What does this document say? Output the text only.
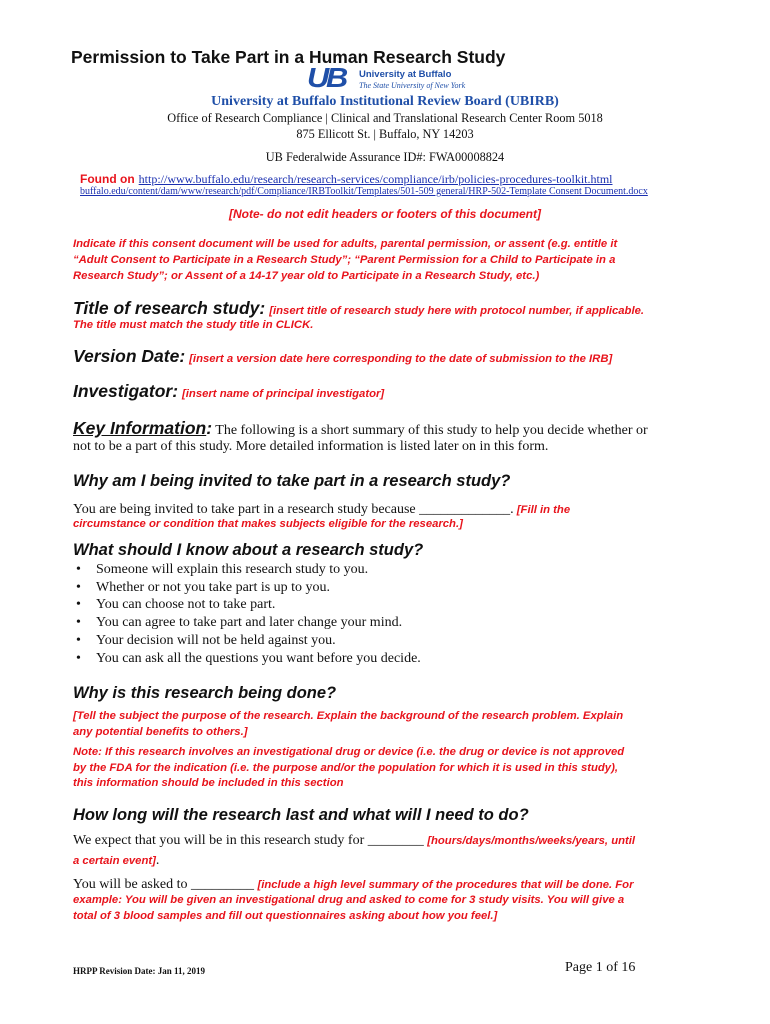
Permission to Take Part in a Human Research Study
UB University at Buffalo
The State University of New York
University at Buffalo Institutional Review Board (UBIRB)
Office of Research Compliance | Clinical and Translational Research Center Room 5018
875 Ellicott St. | Buffalo, NY 14203
UB Federalwide Assurance ID#: FWA00008824
Found on http://www.buffalo.edu/research/research-services/compliance/irb/policies-procedures-toolkit.html
buffalo.edu/content/dam/www/research/pdf/Compliance/IRBToolkit/Templates/501-509 general/HRP-502-Template Consent Document.docx
[Note- do not edit headers or footers of this document]
Indicate if this consent document will be used for adults, parental permission, or assent (e.g. entitle it
“Adult Consent to Participate in a Research Study”; “Parent Permission for a Child to Participate in a
Research Study”; or Assent of a 14-17 year old to Participate in a Research Study, etc.)
Title of research study: [insert title of research study here with protocol number, if applicable.
The title must match the study title in CLICK.
Version Date: [insert a version date here corresponding to the date of submission to the IRB]
Investigator: [insert name of principal investigator]
Key Information: The following is a short summary of this study to help you decide whether or
not to be a part of this study. More detailed information is listed later on in this form.
Why am I being invited to take part in a research study?
You are being invited to take part in a research study because _____________. [Fill in the
circumstance or condition that makes subjects eligible for the research.]
What should I know about a research study?
• Someone will explain this research study to you.
• Whether or not you take part is up to you.
• You can choose not to take part.
• You can agree to take part and later change your mind.
• Your decision will not be held against you.
• You can ask all the questions you want before you decide.
Why is this research being done?
[Tell the subject the purpose of the research. Explain the background of the research problem. Explain
any potential benefits to others.]
Note: If this research involves an investigational drug or device (i.e. the drug or device is not approved
by the FDA for the indication (i.e. the purpose and/or the population for which it is used in this study),
this information should be included in this section
How long will the research last and what will I need to do?
We expect that you will be in this research study for ________ [hours/days/months/weeks/years, until
a certain event].
You will be asked to _________ [include a high level summary of the procedures that will be done. For
example: You will be given an investigational drug and asked to come for 3 study visits. You will give a
total of 3 blood samples and fill out questionnaires asking about how you feel.]
HRPP Revision Date: Jan 11, 2019	Page 1 of 16
